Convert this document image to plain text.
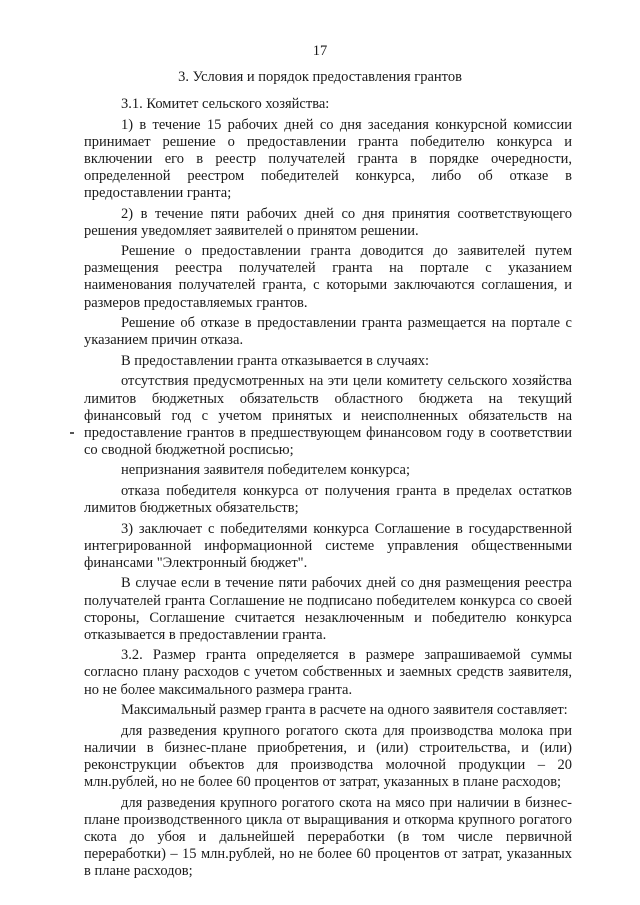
17
3. Условия и порядок предоставления грантов

3.1. Комитет сельского хозяйства:

1) в течение 15 рабочих дней со дня заседания конкурсной комиссии принимает решение о предоставлении гранта победителю конкурса и включении его в реестр получателей гранта в порядке очередности, определенной реестром победителей конкурса, либо об отказе в предоставлении гранта;

2) в течение пяти рабочих дней со дня принятия соответствующего решения уведомляет заявителей о принятом решении.

Решение о предоставлении гранта доводится до заявителей путем размещения реестра получателей гранта на портале с указанием наименования получателей гранта, с которыми заключаются соглашения, и размеров предоставляемых грантов.

Решение об отказе в предоставлении гранта размещается на портале с указанием причин отказа.

В предоставлении гранта отказывается в случаях:

отсутствия предусмотренных на эти цели комитету сельского хозяйства лимитов бюджетных обязательств областного бюджета на текущий финансовый год с учетом принятых и неисполненных обязательств на предоставление грантов в предшествующем финансовом году в соответствии со сводной бюджетной росписью;

непризнания заявителя победителем конкурса;

отказа победителя конкурса от получения гранта в пределах остатков лимитов бюджетных обязательств;

3) заключает с победителями конкурса Соглашение в государственной интегрированной информационной системе управления общественными финансами "Электронный бюджет".

В случае если в течение пяти рабочих дней со дня размещения реестра получателей гранта Соглашение не подписано победителем конкурса со своей стороны, Соглашение считается незаключенным и победителю конкурса отказывается в предоставлении гранта.

3.2. Размер гранта определяется в размере запрашиваемой суммы согласно плану расходов с учетом собственных и заемных средств заявителя, но не более максимального размера гранта.

Максимальный размер гранта в расчете на одного заявителя составляет:

для разведения крупного рогатого скота для производства молока при наличии в бизнес-плане приобретения, и (или) строительства, и (или) реконструкции объектов для производства молочной продукции – 20 млн.рублей, но не более 60 процентов от затрат, указанных в плане расходов;

для разведения крупного рогатого скота на мясо при наличии в бизнес-плане производственного цикла от выращивания и откорма крупного рогатого скота до убоя и дальнейшей переработки (в том числе первичной переработки) – 15 млн.рублей, но не более 60 процентов от затрат, указанных в плане расходов;
